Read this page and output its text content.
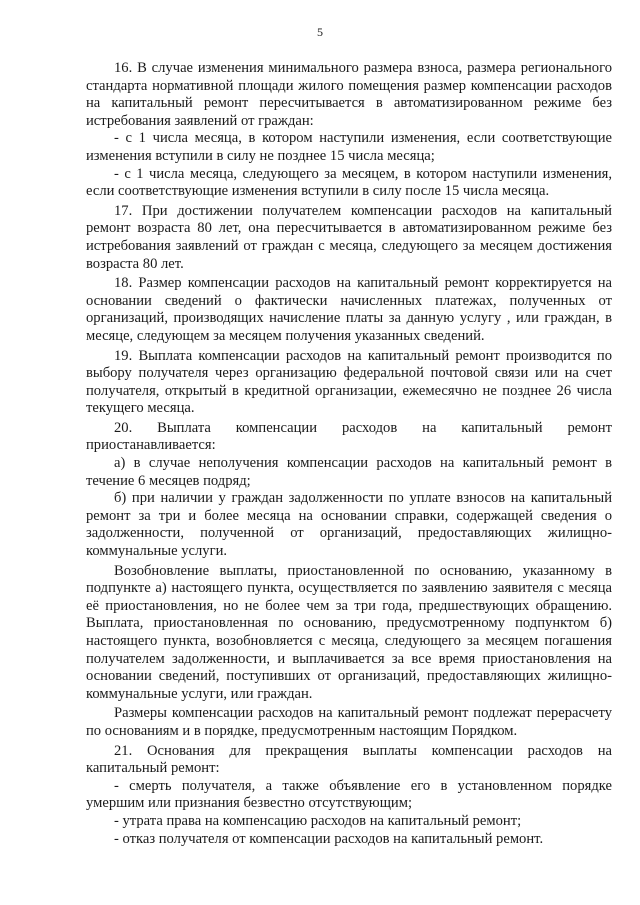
5

16. В случае изменения минимального размера взноса, размера регионального стандарта нормативной площади жилого помещения размер компенсации расходов на капитальный ремонт пересчитывается в автоматизированном режиме без истребования заявлений от граждан:

- с 1 числа месяца, в котором наступили изменения, если соответствующие изменения вступили в силу не позднее 15 числа месяца;

- с 1 числа месяца, следующего за месяцем, в котором наступили изменения, если соответствующие изменения вступили в силу после 15 числа месяца.

17. При достижении получателем компенсации расходов на капитальный ремонт возраста 80 лет, она пересчитывается в автоматизированном режиме без истребования заявлений от граждан с месяца, следующего за месяцем достижения возраста 80 лет.

18. Размер компенсации расходов на капитальный ремонт корректируется на основании сведений о фактически начисленных платежах, полученных от организаций, производящих начисление платы за данную услугу , или граждан, в месяце, следующем за месяцем получения указанных сведений.

19. Выплата компенсации расходов на капитальный ремонт производится по выбору получателя через организацию федеральной почтовой связи или на счет получателя, открытый в кредитной организации, ежемесячно не позднее 26 числа текущего месяца.

20. Выплата компенсации расходов на капитальный ремонт приостанавливается:

а) в случае неполучения компенсации расходов на капитальный ремонт в течение 6 месяцев подряд;

б) при наличии у граждан задолженности по уплате взносов на капитальный ремонт за три и более месяца на основании справки, содержащей сведения о задолженности, полученной от организаций, предоставляющих жилищно-коммунальные услуги.

Возобновление выплаты, приостановленной по основанию, указанному в подпункте а) настоящего пункта, осуществляется по заявлению заявителя с месяца её приостановления, но не более чем за три года, предшествующих обращению. Выплата, приостановленная по основанию, предусмотренному подпунктом б) настоящего пункта, возобновляется с месяца, следующего за месяцем погашения получателем задолженности, и выплачивается за все время приостановления на основании сведений, поступивших от организаций, предоставляющих жилищно-коммунальные услуги, или граждан.

Размеры компенсации расходов на капитальный ремонт подлежат перерасчету по основаниям и в порядке, предусмотренным настоящим Порядком.

21. Основания для прекращения выплаты компенсации расходов на капитальный ремонт:

- смерть получателя, а также объявление его в установленном порядке умершим или признания безвестно отсутствующим;

- утрата права на компенсацию расходов на капитальный ремонт;

- отказ получателя от компенсации расходов на капитальный ремонт.
